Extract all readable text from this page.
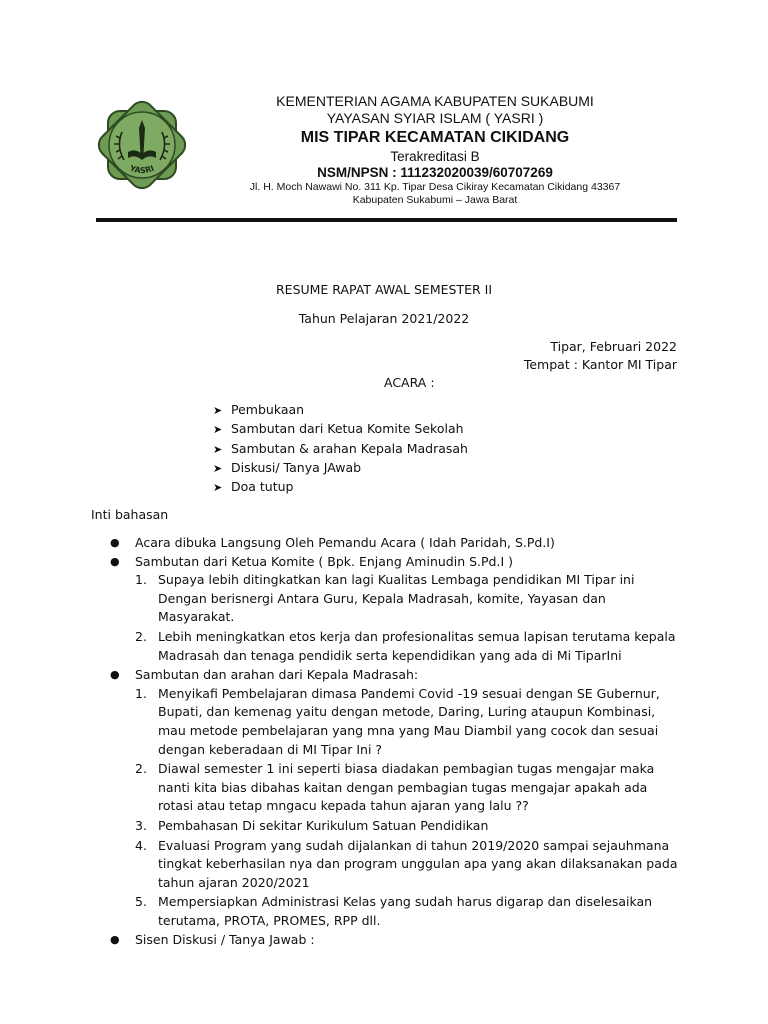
YASRI
KEMENTERIAN AGAMA KABUPATEN SUKABUMI
YAYASAN SYIAR ISLAM ( YASRI )
MIS TIPAR KECAMATAN CIKIDANG
Terakreditasi B
NSM/NPSN : 111232020039/60707269
Jl. H. Moch Nawawi No. 311 Kp. Tipar Desa Cikiray Kecamatan Cikidang 43367
Kabupaten Sukabumi – Jawa Barat
RESUME RAPAT AWAL SEMESTER II
Tahun Pelajaran 2021/2022
Tipar, Februari 2022
Tempat : Kantor MI Tipar
ACARA :
➤ Pembukaan
➤ Sambutan dari Ketua Komite Sekolah
➤ Sambutan & arahan Kepala Madrasah
➤ Diskusi/ Tanya JAwab
➤ Doa tutup
Inti bahasan
● Acara dibuka Langsung Oleh Pemandu Acara ( Idah Paridah, S.Pd.I)
● Sambutan dari Ketua Komite ( Bpk. Enjang Aminudin S.Pd.I )
1. Supaya lebih ditingkatkan kan lagi Kualitas Lembaga pendidikan MI Tipar ini Dengan berisnergi Antara Guru, Kepala Madrasah, komite, Yayasan dan Masyarakat.
2. Lebih meningkatkan etos kerja dan profesionalitas semua lapisan terutama kepala Madrasah dan tenaga pendidik serta kependidikan yang ada di Mi TiparIni
● Sambutan dan arahan dari Kepala Madrasah:
1. Menyikafi Pembelajaran dimasa Pandemi Covid -19 sesuai dengan SE Gubernur, Bupati, dan kemenag yaitu dengan metode, Daring, Luring ataupun Kombinasi, mau metode pembelajaran yang mna yang Mau Diambil yang cocok dan sesuai dengan keberadaan di MI Tipar Ini ?
2. Diawal semester 1 ini seperti biasa diadakan pembagian tugas mengajar maka nanti kita bias dibahas kaitan dengan pembagian tugas mengajar apakah ada rotasi atau tetap mngacu kepada tahun ajaran yang lalu ??
3. Pembahasan Di sekitar Kurikulum Satuan Pendidikan
4. Evaluasi Program yang sudah dijalankan di tahun 2019/2020 sampai sejauhmana tingkat keberhasilan nya dan program unggulan apa yang akan dilaksanakan pada tahun ajaran 2020/2021
5. Mempersiapkan Administrasi Kelas yang sudah harus digarap dan diselesaikan terutama, PROTA, PROMES, RPP dll.
● Sisen Diskusi / Tanya Jawab :
